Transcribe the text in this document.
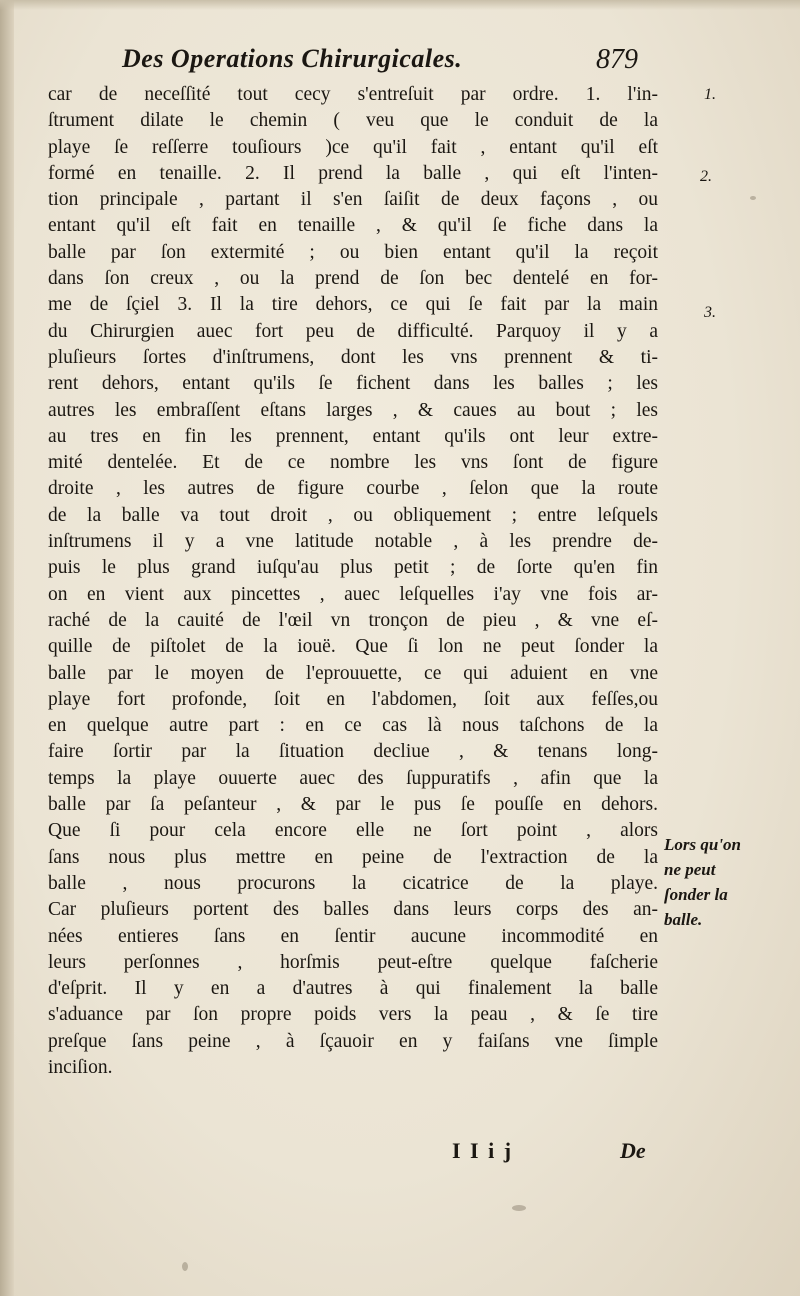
Des Operations Chirurgicales.	879
1.
2.
3.
car de neceſſité tout cecy s'entreſuit par ordre. 1. l'in-
ſtrument dilate le chemin ( veu que le conduit de la
playe ſe reſſerre touſiours )ce qu'il fait , entant qu'il eſt
formé en tenaille. 2. Il prend la balle , qui eſt l'inten-
tion principale , partant il s'en ſaiſit de deux façons , ou
entant qu'il eſt fait en tenaille , & qu'il ſe fiche dans la
balle par ſon extermité ; ou bien entant qu'il la reçoit
dans ſon creux , ou la prend de ſon bec dentelé en for-
me de ſçiel 3. Il la tire dehors, ce qui ſe fait par la main
du Chirurgien auec fort peu de difficulté. Parquoy il y a
pluſieurs ſortes d'inſtrumens, dont les vns prennent & ti-
rent dehors, entant qu'ils ſe fichent dans les balles ; les
autres les embraſſent eſtans larges , & caues au bout ; les
au tres en fin les prennent, entant qu'ils ont leur extre-
mité dentelée. Et de ce nombre les vns ſont de figure
droite , les autres de figure courbe , ſelon que la route
de la balle va tout droit , ou obliquement ; entre leſquels
inſtrumens il y a vne latitude notable , à les prendre de-
puis le plus grand iuſqu'au plus petit ; de ſorte qu'en fin
on en vient aux pincettes , auec leſquelles i'ay vne fois ar-
raché de la cauité de l'œil vn tronçon de pieu , & vne eſ-
quille de piſtolet de la iouë. Que ſi lon ne peut ſonder la
balle par le moyen de l'eprouuette, ce qui aduient en vne
playe fort profonde, ſoit en l'abdomen, ſoit aux feſſes,ou
en quelque autre part : en ce cas là nous taſchons de la
faire ſortir par la ſituation decliue , & tenans long-
temps la playe ouuerte auec des ſuppuratifs , afin que la
balle par ſa peſanteur , & par le pus ſe pouſſe en dehors.
Que ſi pour cela encore elle ne ſort point , alors
ſans nous plus mettre en peine de l'extraction de la
balle , nous procurons la cicatrice de la playe.
Car pluſieurs portent des balles dans leurs corps des an-
nées entieres ſans en ſentir aucune incommodité en
leurs perſonnes , horſmis peut-eſtre quelque faſcherie
d'eſprit. Il y en a d'autres à qui finalement la balle
s'aduance par ſon propre poids vers la peau , & ſe tire
preſque ſans peine , à ſçauoir en y faiſans vne ſimple
inciſion.
Lors qu'on
ne peut
ſonder la
balle.
I I i j	De
